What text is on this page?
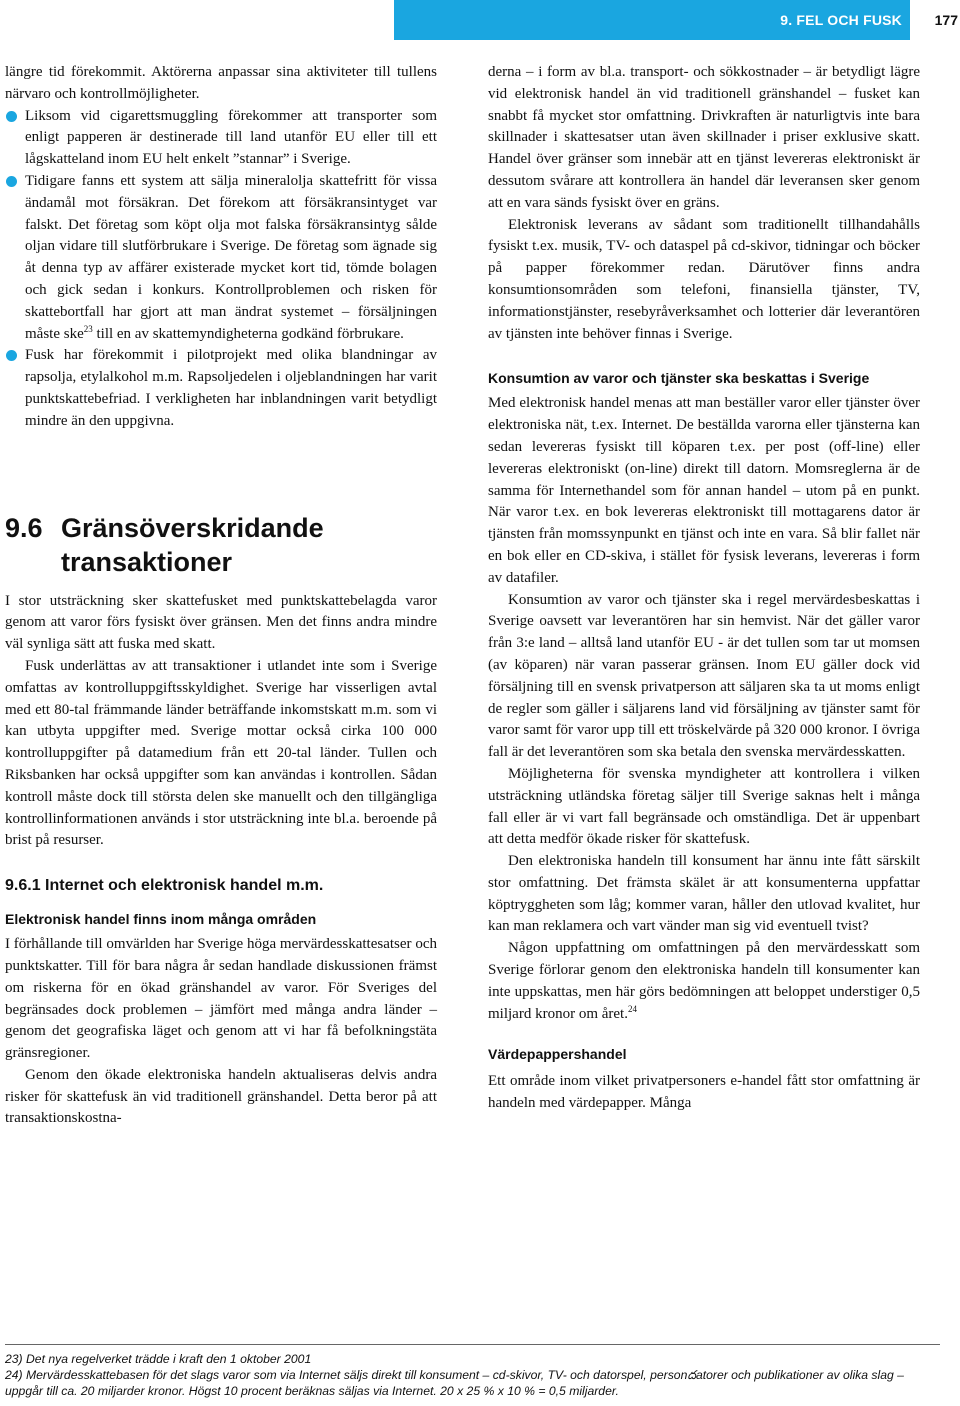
9. FEL OCH FUSK	177

längre tid förekommit. Aktörerna anpassar sina aktiviteter till tullens närvaro och kontrollmöjligheter.

Liksom vid cigarettsmuggling förekommer att transporter som enligt papperen är destinerade till land utanför EU eller till ett lågskatteland inom EU helt enkelt ”stannar” i Sverige.
Tidigare fanns ett system att sälja mineralolja skattefritt för vissa ändamål mot försäkran. Det förekom att försäkransintyget var falskt. Det företag som köpt olja mot falska försäkransintyg sålde oljan vidare till slutförbrukare i Sverige. De företag som ägnade sig åt denna typ av affärer existerade mycket kort tid, tömde bolagen och gick sedan i konkurs. Kontrollproblemen och risken för skattebortfall har gjort att man ändrat systemet – försäljningen måste ske$^{23}$ till en av skattemyndigheterna godkänd förbrukare.
Fusk har förekommit i pilotprojekt med olika blandningar av rapsolja, etylalkohol m.m. Rapsoljedelen i oljeblandningen har varit punktskattebefriad. I verkligheten har inblandningen varit betydligt mindre än den uppgivna.
9.6 Gränsöverskridande
transaktioner

I stor utsträckning sker skattefusket med punktskattebelagda varor genom att varor förs fysiskt över gränsen. Men det finns andra mindre väl synliga sätt att fuska med skatt.

Fusk underlättas av att transaktioner i utlandet inte som i Sverige omfattas av kontrolluppgiftsskyldighet. Sverige har visserligen avtal med ett 80-tal främmande länder beträffande inkomstskatt m.m. som vi kan utbyta uppgifter med. Sverige mottar också cirka 100 000 kontrolluppgifter på datamedium från ett 20-tal länder. Tullen och Riksbanken har också uppgifter som kan användas i kontrollen. Sådan kontroll måste dock till största delen ske manuellt och den tillgängliga kontrollinformationen används i stor utsträckning inte bl.a. beroende på brist på resurser.

9.6.1 Internet och elektronisk handel m.m.
Elektronisk handel finns inom många områden

I förhållande till omvärlden har Sverige höga mervärdesskattesatser och punktskatter. Till för bara några år sedan handlade diskussionen främst om riskerna för en ökad gränshandel av varor. För Sveriges del begränsades dock problemen – jämfört med många andra länder – genom det geografiska läget och genom att vi har få befolkningstäta gränsregioner.

Genom den ökade elektroniska handeln aktualiseras delvis andra risker för skattefusk än vid traditionell gränshandel. Detta beror på att transaktionskostna-

derna – i form av bl.a. transport- och sökkostnader – är betydligt lägre vid elektronisk handel än vid traditionell gränshandel – fusket kan snabbt få mycket stor omfattning. Drivkraften är naturligtvis inte bara skillnader i skattesatser utan även skillnader i priser exklusive skatt. Handel över gränser som innebär att en tjänst levereras elektroniskt är dessutom svårare att kontrollera än handel där leveransen sker genom att en vara sänds fysiskt över en gräns.

Elektronisk leverans av sådant som traditionellt tillhandahålls fysiskt t.ex. musik, TV- och dataspel på cd-skivor, tidningar och böcker på papper förekommer redan. Därutöver finns andra konsumtionsområden som telefoni, finansiella tjänster, TV, informationstjänster, resebyråverksamhet och lotterier där leverantören av tjänsten inte behöver finnas i Sverige.

Konsumtion av varor och tjänster ska beskattas i Sverige

Med elektronisk handel menas att man beställer varor eller tjänster över elektroniska nät, t.ex. Internet. De beställda varorna eller tjänsterna kan sedan levereras fysiskt till köparen t.ex. per post (off-line) eller levereras elektroniskt (on-line) direkt till datorn. Momsreglerna är de samma för Internethandel som för annan handel – utom på en punkt. När varor t.ex. en bok levereras elektroniskt till mottagarens dator är tjänsten från momssynpunkt en tjänst och inte en vara. Så blir fallet när en bok eller en CD-skiva, i stället för fysisk leverans, levereras i form av datafiler.

Konsumtion av varor och tjänster ska i regel mervärdesbeskattas i Sverige oavsett var leverantören har sin hemvist. När det gäller varor från 3:e land – alltså land utanför EU - är det tullen som tar ut momsen (av köparen) när varan passerar gränsen. Inom EU gäller dock vid försäljning till en svensk privatperson att säljaren ska ta ut moms enligt de regler som gäller i säljarens land vid försäljning av tjänster samt för varor samt för varor upp till ett tröskelvärde på 320 000 kronor. I övriga fall är det leverantören som ska betala den svenska mervärdesskatten.

Möjligheterna för svenska myndigheter att kontrollera i vilken utsträckning utländska företag säljer till Sverige saknas helt i många fall eller är vi vart fall begränsade och omständliga. Det är uppenbart att detta medför ökade risker för skattefusk.

Den elektroniska handeln till konsument har ännu inte fått särskilt stor omfattning. Det främsta skälet är att konsumenterna uppfattar köptryggheten som låg; kommer varan, håller den utlovad kvalitet, hur kan man reklamera och vart vänder man sig vid eventuell tvist?

Någon uppfattning om omfattningen på den mervärdesskatt som Sverige förlorar genom den elektroniska handeln till konsumenter kan inte uppskattas, men här görs bedömningen att beloppet understiger 0,5 miljard kronor om året.$^{24}$

Värdepappershandel

Ett område inom vilket privatpersoners e-handel fått stor omfattning är handeln med värdepapper. Många

23) Det nya regelverket trädde i kraft den 1 oktober 2001
24) Mervärdesskattebasen för det slags varor som via Internet säljs direkt till konsument – cd-skivor, TV- och datorspel, personదatorer och publikationer av olika slag – uppgår till ca. 20 miljarder kronor. Högst 10 procent beräknas säljas via Internet. 20 x 25 % x 10 % = 0,5 miljarder.
